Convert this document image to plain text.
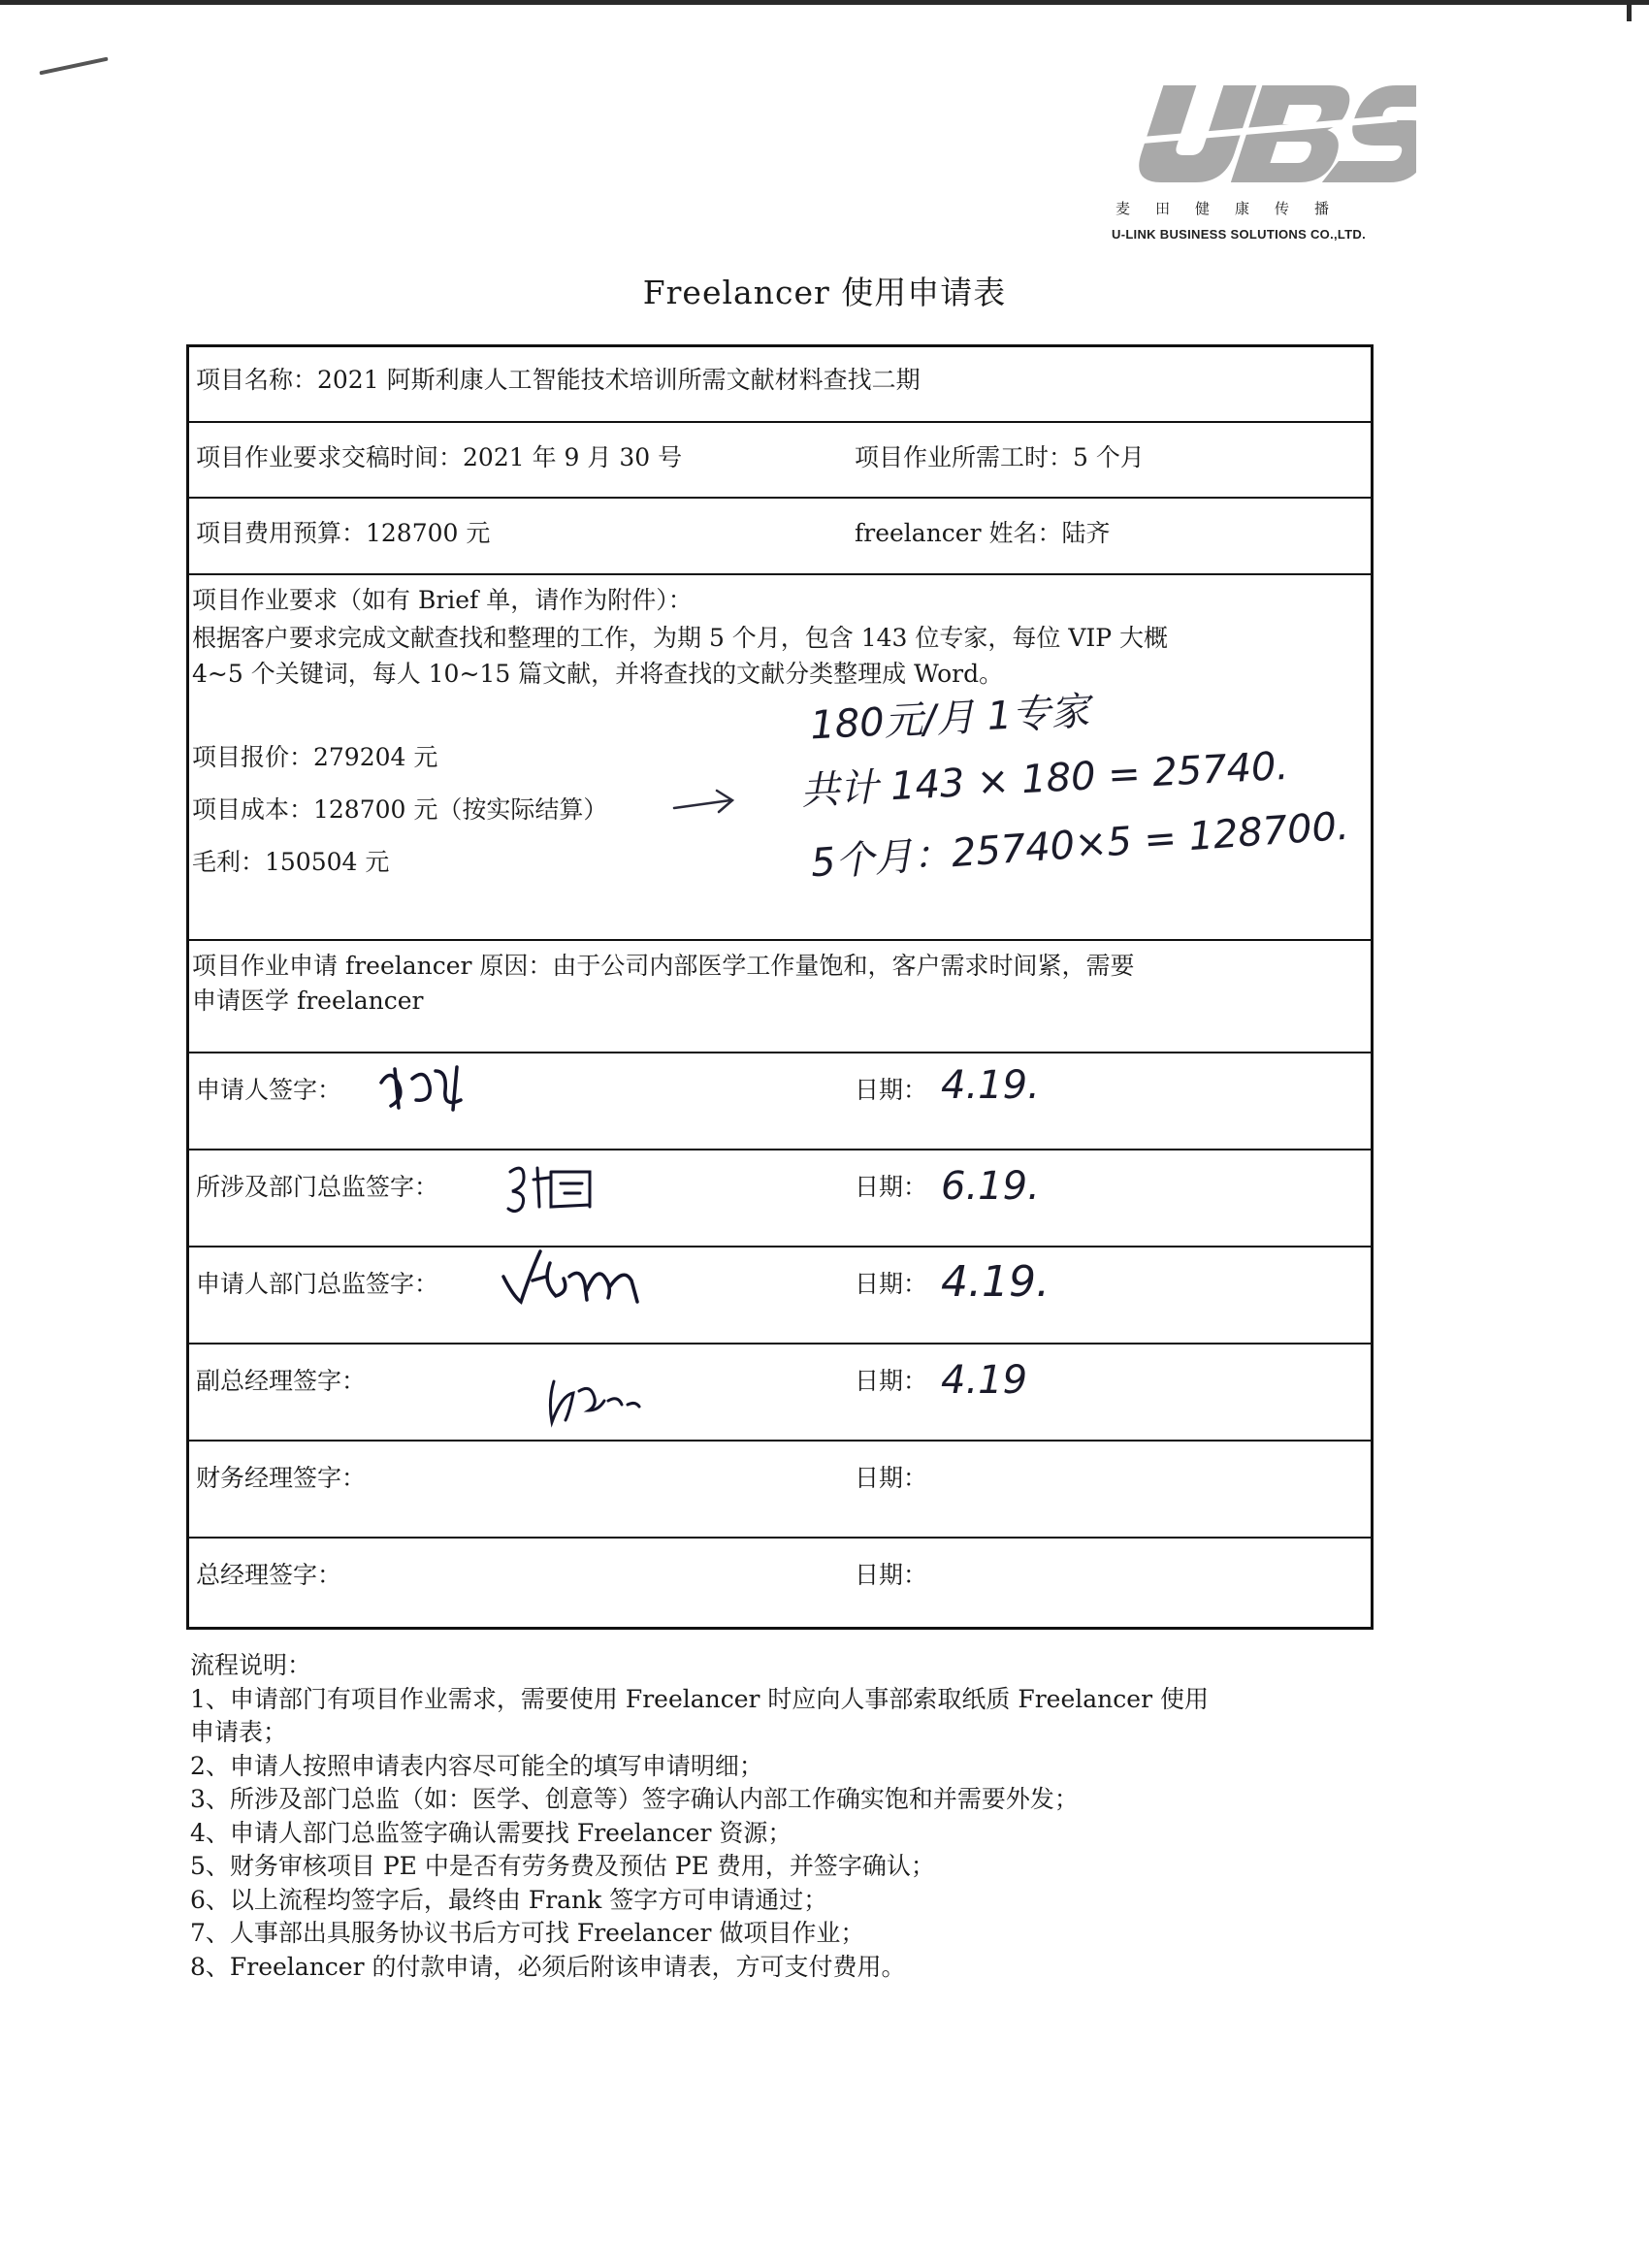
麦田健康传播
U-LINK BUSINESS SOLUTIONS CO.,LTD.
Freelancer 使用申请表
项目名称：2021 阿斯利康人工智能技术培训所需文献材料查找二期
项目作业要求交稿时间：2021 年 9 月 30 号	项目作业所需工时：5 个月
项目费用预算：128700 元	freelancer 姓名：陆齐
项目作业要求（如有 Brief 单，请作为附件）：
根据客户要求完成文献查找和整理的工作，为期 5 个月，包含 143 位专家，每位 VIP 大概
4~5 个关键词，每人 10~15 篇文献，并将查找的文献分类整理成 Word。
项目报价：279204 元
项目成本：128700 元（按实际结算）
毛利：150504 元
180元/月 1专家
共计 143 × 180 = 25740.
5个月：25740×5 = 128700.
项目作业申请 freelancer 原因：由于公司内部医学工作量饱和，客户需求时间紧，需要
申请医学 freelancer
申请人签字：	日期： 4.19.
所涉及部门总监签字：	日期： 6.19.
申请人部门总监签字：	日期： 4.19.
副总经理签字：	日期： 4.19
财务经理签字：	日期：
总经理签字：	日期：
流程说明：
1、申请部门有项目作业需求，需要使用 Freelancer 时应向人事部索取纸质 Freelancer 使用
申请表；
2、申请人按照申请表内容尽可能全的填写申请明细；
3、所涉及部门总监（如：医学、创意等）签字确认内部工作确实饱和并需要外发；
4、申请人部门总监签字确认需要找 Freelancer 资源；
5、财务审核项目 PE 中是否有劳务费及预估 PE 费用，并签字确认；
6、以上流程均签字后，最终由 Frank 签字方可申请通过；
7、人事部出具服务协议书后方可找 Freelancer 做项目作业；
8、Freelancer 的付款申请，必须后附该申请表，方可支付费用。
